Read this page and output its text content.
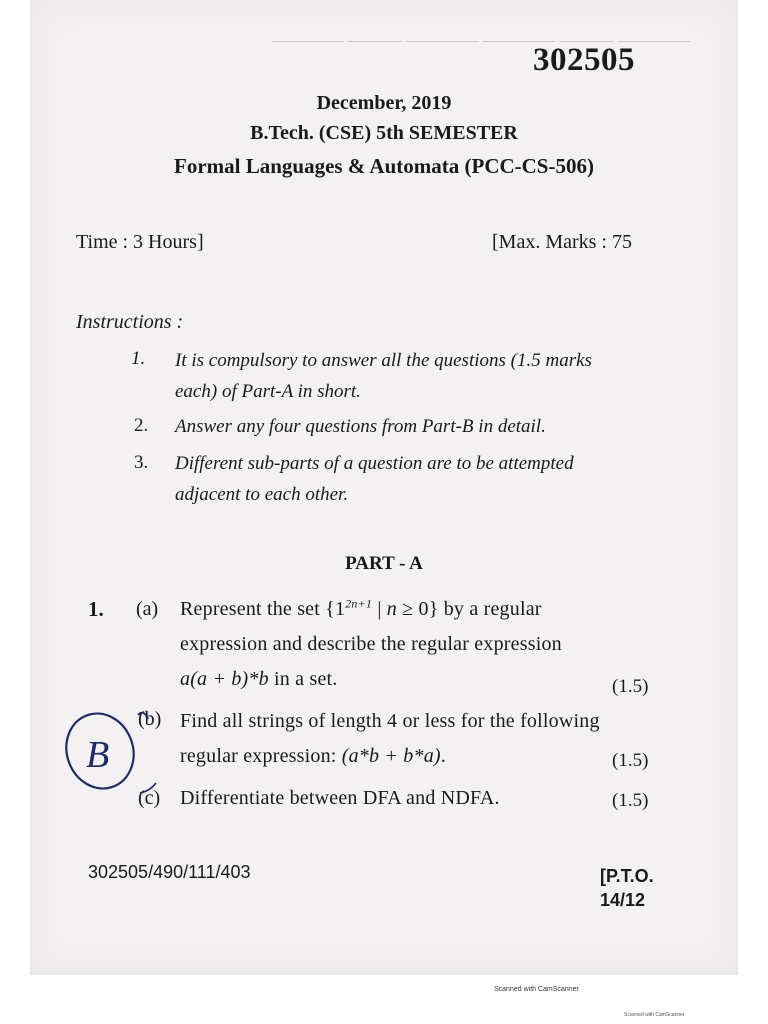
———— ——— ———— ———— ——— ————
302505
December, 2019
B.Tech. (CSE) 5th SEMESTER
Formal Languages & Automata (PCC-CS-506)
Time : 3 Hours]	[Max. Marks : 75
Instructions :
1. It is compulsory to answer all the questions (1.5 marks
each) of Part-A in short.
2. Answer any four questions from Part-B in detail.
3. Different sub-parts of a question are to be attempted
adjacent to each other.
PART - A
1. (a) Represent the set {$1^{2n+1}$ | n ≥ 0} by a regular
expression and describe the regular expression
a(a + b)*b in a set.	(1.5)
(b) Find all strings of length 4 or less for the following
regular expression: (a*b + b*a).	(1.5)
(c) Differentiate between DFA and NDFA.	(1.5)
B
302505/490/111/403	[P.T.O.
14/12
Scanned with CamScanner
Scanned with CamScanner
